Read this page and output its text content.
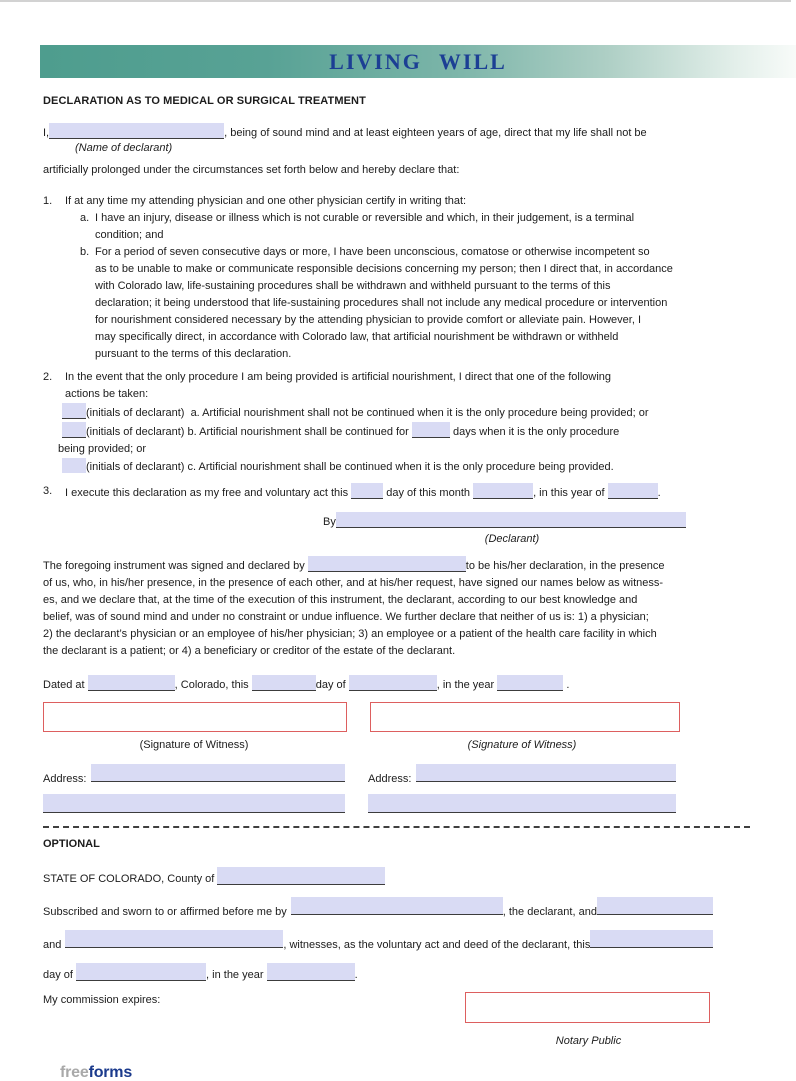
LIVING WILL
DECLARATION AS TO MEDICAL OR SURGICAL TREATMENT
I,	, being of sound mind and at least eighteen years of age, direct that my life shall not be
(Name of declarant)
artificially prolonged under the circumstances set forth below and hereby declare that:
1. If at any time my attending physician and one other physician certify in writing that:
a. I have an injury, disease or illness which is not curable or reversible and which, in their judgement, is a terminal
condition; and
b. For a period of seven consecutive days or more, I have been unconscious, comatose or otherwise incompetent so
as to be unable to make or communicate responsible decisions concerning my person; then I direct that, in accordance
with Colorado law, life-sustaining procedures shall be withdrawn and withheld pursuant to the terms of this
declaration; it being understood that life-sustaining procedures shall not include any medical procedure or intervention
for nourishment considered necessary by the attending physician to provide comfort or alleviate pain. However, I
may specifically direct, in accordance with Colorado law, that artificial nourishment be withdrawn or withheld
pursuant to the terms of this declaration.
2. In the event that the only procedure I am being provided is artificial nourishment, I direct that one of the following
actions be taken:
(initials of declarant) a. Artificial nourishment shall not be continued when it is the only procedure being provided; or
(initials of declarant) b. Artificial nourishment shall be continued for	days when it is the only procedure
being provided; or
(initials of declarant) c. Artificial nourishment shall be continued when it is the only procedure being provided.
3. I execute this declaration as my free and voluntary act this	day of this month	, in this year of	.
By
(Declarant)
The foregoing instrument was signed and declared by	to be his/her declaration, in the presence
of us, who, in his/her presence, in the presence of each other, and at his/her request, have signed our names below as witness-
es, and we declare that, at the time of the execution of this instrument, the declarant, according to our best knowledge and
belief, was of sound mind and under no constraint or undue influence. We further declare that neither of us is: 1) a physician;
2) the declarant’s physician or an employee of his/her physician; 3) an employee or a patient of the health care facility in which
the declarant is a patient; or 4) a beneficiary or creditor of the estate of the declarant.
Dated at	, Colorado, this	day of	, in the year	.
(Signature of Witness)	(Signature of Witness)
Address:	Address:
OPTIONAL
STATE OF COLORADO, County of
Subscribed and sworn to or affirmed before me by	, the declarant, and
and	, witnesses, as the voluntary act and deed of the declarant, this
day of	, in the year	.
My commission expires:
Notary Public
freeforms
